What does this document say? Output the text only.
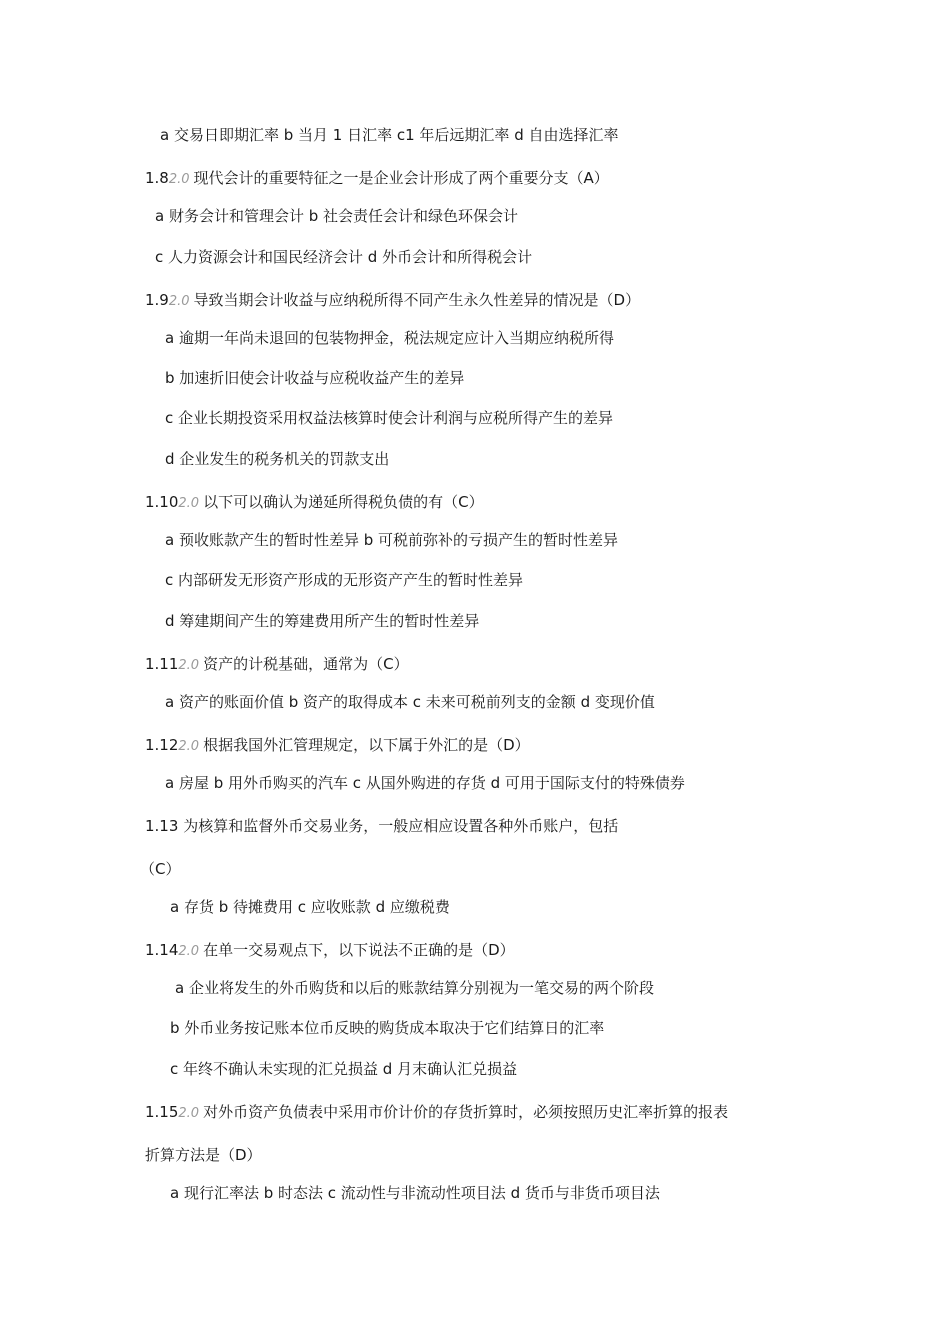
a 交易日即期汇率 b 当月 1 日汇率 c1 年后远期汇率 d 自由选择汇率
1.82.0 现代会计的重要特征之一是企业会计形成了两个重要分支（A）
a 财务会计和管理会计 b 社会责任会计和绿色环保会计
c 人力资源会计和国民经济会计 d 外币会计和所得税会计
1.92.0 导致当期会计收益与应纳税所得不同产生永久性差异的情况是（D）
a 逾期一年尚未退回的包装物押金，税法规定应计入当期应纳税所得
b 加速折旧使会计收益与应税收益产生的差异
c 企业长期投资采用权益法核算时使会计利润与应税所得产生的差异
d 企业发生的税务机关的罚款支出
1.102.0 以下可以确认为递延所得税负债的有（C）
a 预收账款产生的暂时性差异 b 可税前弥补的亏损产生的暂时性差异
c 内部研发无形资产形成的无形资产产生的暂时性差异
d 筹建期间产生的筹建费用所产生的暂时性差异
1.112.0 资产的计税基础，通常为（C）
a 资产的账面价值 b 资产的取得成本 c 未来可税前列支的金额 d 变现价值
1.122.0 根据我国外汇管理规定，以下属于外汇的是（D）
a 房屋 b 用外币购买的汽车 c 从国外购进的存货 d 可用于国际支付的特殊债券
1.13 为核算和监督外币交易业务，一般应相应设置各种外币账户，包括
（C）
a 存货 b 待摊费用 c 应收账款 d 应缴税费
1.142.0 在单一交易观点下，以下说法不正确的是（D）
a 企业将发生的外币购货和以后的账款结算分别视为一笔交易的两个阶段
b 外币业务按记账本位币反映的购货成本取决于它们结算日的汇率
c 年终不确认未实现的汇兑损益 d 月末确认汇兑损益
1.152.0 对外币资产负债表中采用市价计价的存货折算时，必须按照历史汇率折算的报表
折算方法是（D）
a 现行汇率法 b 时态法 c 流动性与非流动性项目法 d 货币与非货币项目法
